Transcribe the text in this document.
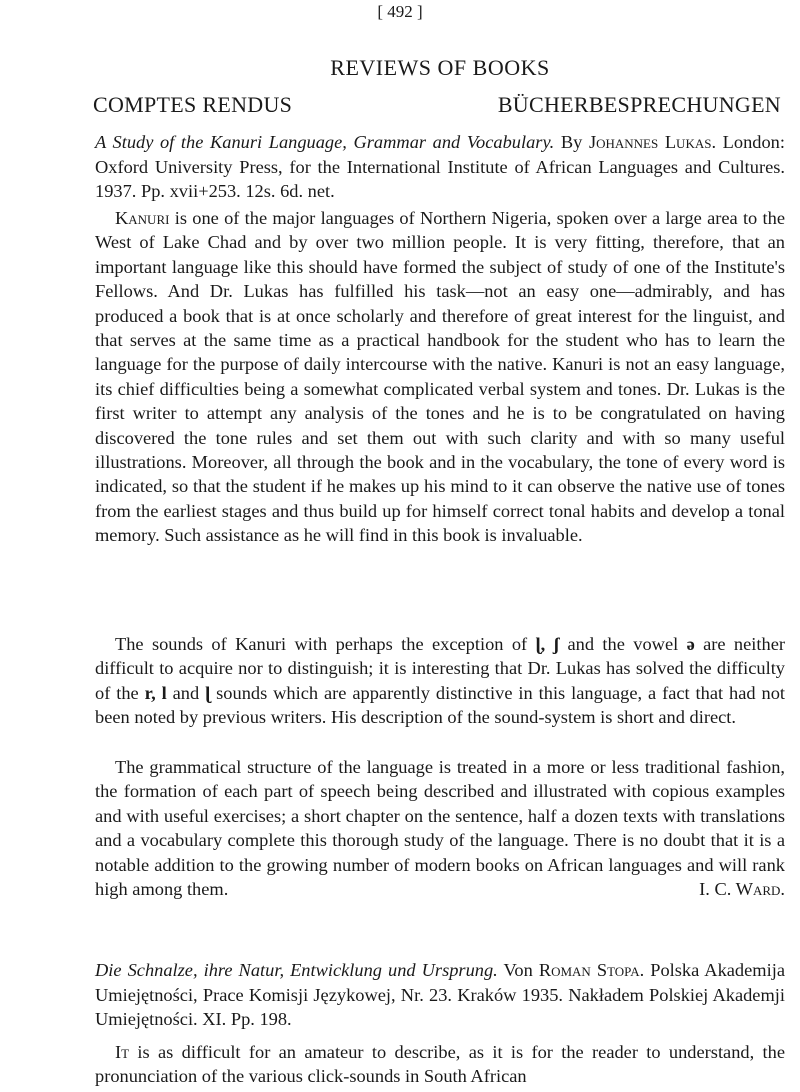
[ 492 ]
REVIEWS OF BOOKS
COMPTES RENDUS	BÜCHERBESPRECHUNGEN
A Study of the Kanuri Language, Grammar and Vocabulary. By Johannes Lukas. London: Oxford University Press, for the International Institute of African Languages and Cultures. 1937. Pp. xvii+253. 12s. 6d. net.

Kanuri is one of the major languages of Northern Nigeria, spoken over a large area to the West of Lake Chad and by over two million people. It is very fitting, therefore, that an important language like this should have formed the subject of study of one of the Institute's Fellows. And Dr. Lukas has fulfilled his task—not an easy one—admirably, and has produced a book that is at once scholarly and therefore of great interest for the linguist, and that serves at the same time as a practical handbook for the student who has to learn the language for the purpose of daily intercourse with the native. Kanuri is not an easy language, its chief difficulties being a somewhat complicated verbal system and tones. Dr. Lukas is the first writer to attempt any analysis of the tones and he is to be congratulated on having discovered the tone rules and set them out with such clarity and with so many useful illustrations. Moreover, all through the book and in the vocabulary, the tone of every word is indicated, so that the student if he makes up his mind to it can observe the native use of tones from the earliest stages and thus build up for himself correct tonal habits and develop a tonal memory. Such assistance as he will find in this book is invaluable.

The sounds of Kanuri with perhaps the exception of ɭ, ʃ and the vowel ə are neither difficult to acquire nor to distinguish; it is interesting that Dr. Lukas has solved the difficulty of the r, l and ɭ sounds which are apparently distinctive in this language, a fact that had not been noted by previous writers. His description of the sound-system is short and direct.

The grammatical structure of the language is treated in a more or less traditional fashion, the formation of each part of speech being described and illustrated with copious examples and with useful exercises; a short chapter on the sentence, half a dozen texts with translations and a vocabulary complete this thorough study of the language. There is no doubt that it is a notable addition to the growing number of modern books on African languages and will rank high among them.	I. C. Ward.

Die Schnalze, ihre Natur, Entwicklung und Ursprung. Von Roman Stopa. Polska Akademija Umiejętności, Prace Komisji Językowej, Nr. 23. Kraków 1935. Nakładem Polskiej Akademji Umiejętności. XI. Pp. 198.

It is as difficult for an amateur to describe, as it is for the reader to understand, the pronunciation of the various click-sounds in South African
